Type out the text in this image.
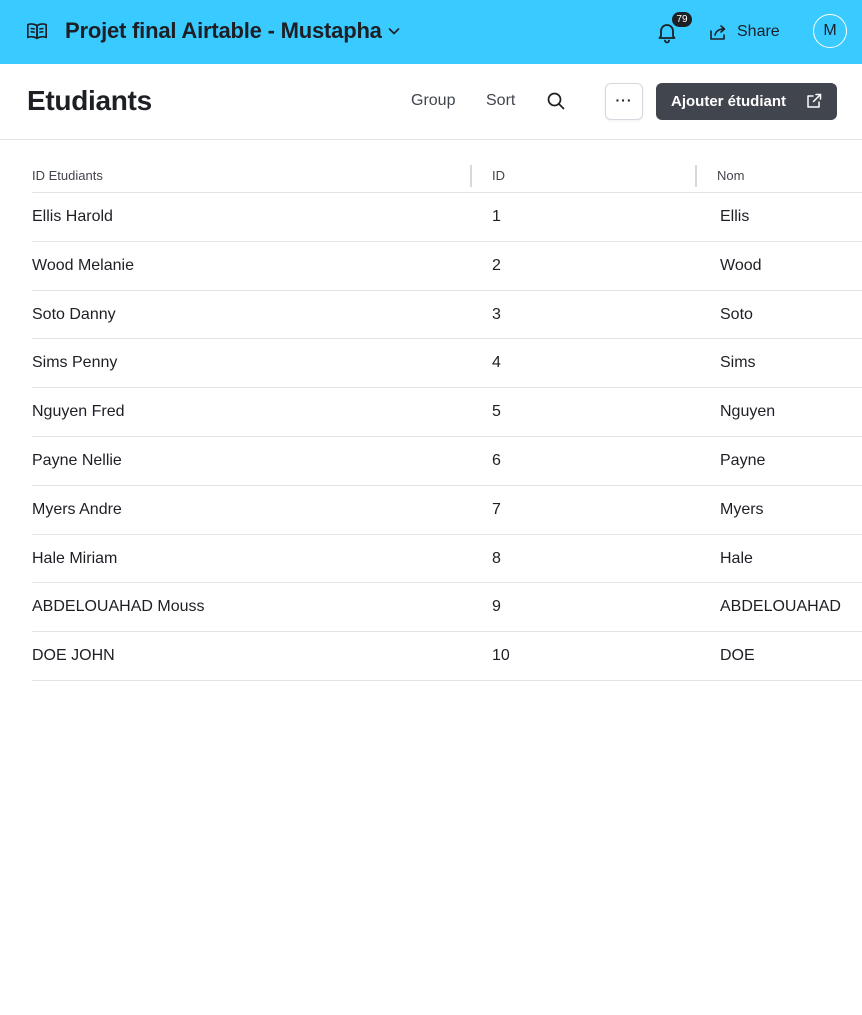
Projet final Airtable - Mustapha	79
Share	M
Etudiants	Group Sort	···	Ajouter étudiant
ID Etudiants	ID	Nom
Ellis Harold	1	Ellis
Wood Melanie	2	Wood
Soto Danny	3	Soto
Sims Penny	4	Sims
Nguyen Fred	5	Nguyen
Payne Nellie	6	Payne
Myers Andre	7	Myers
Hale Miriam	8	Hale
ABDELOUAHAD Mouss	9	ABDELOUAHAD
DOE JOHN	10	DOE
